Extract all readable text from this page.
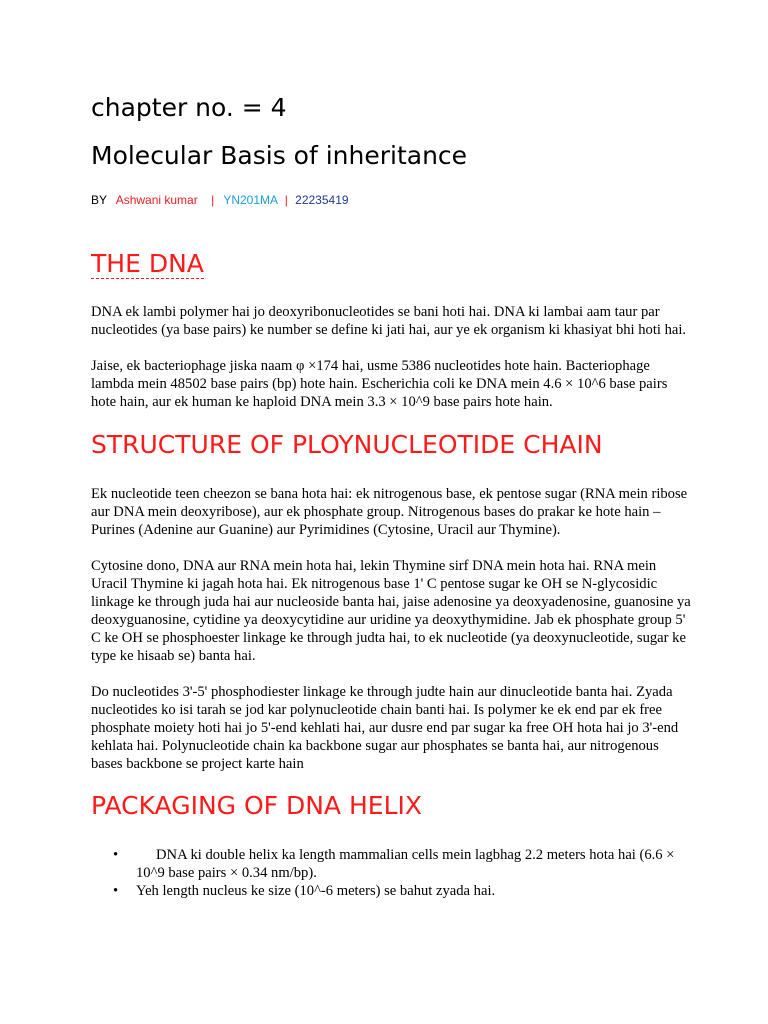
chapter no. = 4
Molecular Basis of inheritance
BY Ashwani kumar | YN201MA | 22235419
THE DNA

DNA ek lambi polymer hai jo deoxyribonucleotides se bani hoti hai. DNA ki lambai aam taur par nucleotides (ya base pairs) ke number se define ki jati hai, aur ye ek organism ki khasiyat bhi hoti hai.

Jaise, ek bacteriophage jiska naam φ ×174 hai, usme 5386 nucleotides hote hain. Bacteriophage lambda mein 48502 base pairs (bp) hote hain. Escherichia coli ke DNA mein 4.6 × 10^6 base pairs hote hain, aur ek human ke haploid DNA mein 3.3 × 10^9 base pairs hote hain.

STRUCTURE OF PLOYNUCLEOTIDE CHAIN

Ek nucleotide teen cheezon se bana hota hai: ek nitrogenous base, ek pentose sugar (RNA mein ribose aur DNA mein deoxyribose), aur ek phosphate group. Nitrogenous bases do prakar ke hote hain – Purines (Adenine aur Guanine) aur Pyrimidines (Cytosine, Uracil aur Thymine).

Cytosine dono, DNA aur RNA mein hota hai, lekin Thymine sirf DNA mein hota hai. RNA mein Uracil Thymine ki jagah hota hai. Ek nitrogenous base 1' C pentose sugar ke OH se N-glycosidic linkage ke through juda hai aur nucleoside banta hai, jaise adenosine ya deoxyadenosine, guanosine ya deoxyguanosine, cytidine ya deoxycytidine aur uridine ya deoxythymidine. Jab ek phosphate group 5' C ke OH se phosphoester linkage ke through judta hai, to ek nucleotide (ya deoxynucleotide, sugar ke type ke hisaab se) banta hai.

Do nucleotides 3'-5' phosphodiester linkage ke through judte hain aur dinucleotide banta hai. Zyada nucleotides ko isi tarah se jod kar polynucleotide chain banti hai. Is polymer ke ek end par ek free phosphate moiety hoti hai jo 5'-end kehlati hai, aur dusre end par sugar ka free OH hota hai jo 3'-end kehlata hai. Polynucleotide chain ka backbone sugar aur phosphates se banta hai, aur nitrogenous bases backbone se project karte hain

PACKAGING OF DNA HELIX
•	DNA ki double helix ka length mammalian cells mein lagbhag 2.2 meters hota hai (6.6 × 10^9 base pairs × 0.34 nm/bp).
• Yeh length nucleus ke size (10^-6 meters) se bahut zyada hai.
